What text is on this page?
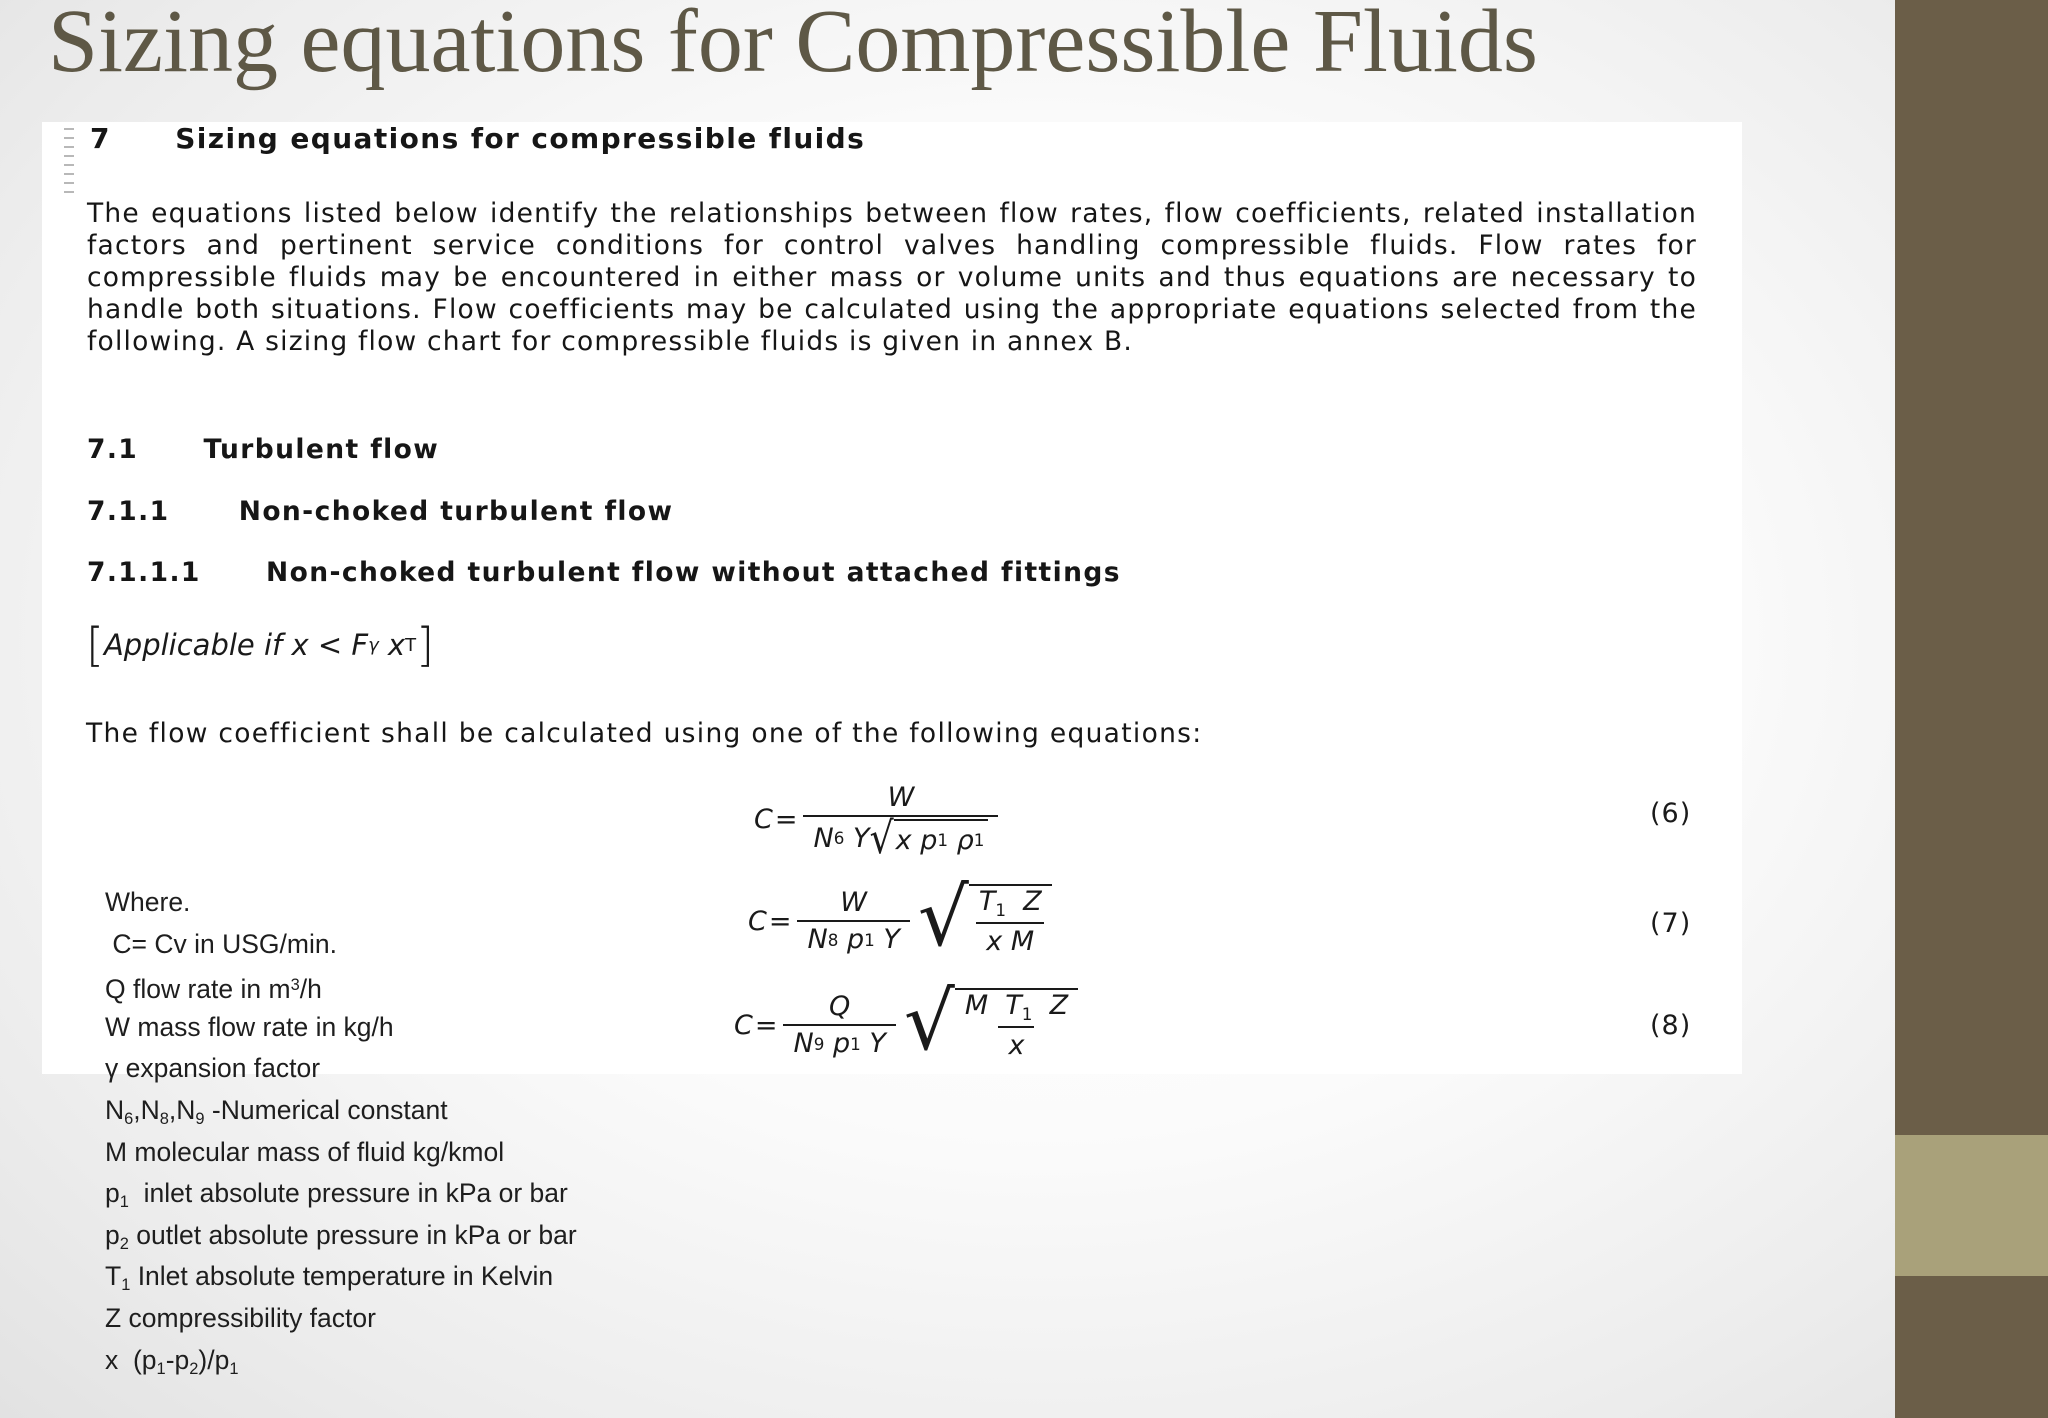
Sizing equations for Compressible Fluids
7 Sizing equations for compressible fluids

The equations listed below identify the relationships between flow rates, flow coefficients, related installation factors and pertinent service conditions for control valves handling compressible fluids. Flow rates for compressible fluids may be encountered in either mass or volume units and thus equations are necessary to handle both situations. Flow coefficients may be calculated using the appropriate equations selected from the following. A sizing flow chart for compressible fluids is given in annex B.

7.1 Turbulent flow
7.1.1	Non-choked turbulent flow
7.1.1.1 Non-choked turbulent flow without attached fittings
[ Applicable if
x
<
F γ
x T ]
The flow coefficient shall be calculated using one of the following equations:
C =
W
N 6
Y √ x
p 1
ρ 1
(6)
C = W
N 8
p 1
Y √ $\frac{T_1 Z}{\text{x M}}$	(7)
C = Q
N 9
p 1
Y √ $\frac{M T_1 Z}{x}$	(8)
Where.
C= Cv in USG/min.
Q flow rate in $m^3/h$
W mass flow rate in kg/h
γ expansion factor
$N_6,N_8,N_9$ -Numerical constant
M molecular mass of fluid kg/kmol
$p_1$  inlet absolute pressure in kPa or bar
$p_2$ outlet absolute pressure in kPa or bar
$T_1$ Inlet absolute temperature in Kelvin
Z compressibility factor
x  $(p_1-p_2)/p_1$
